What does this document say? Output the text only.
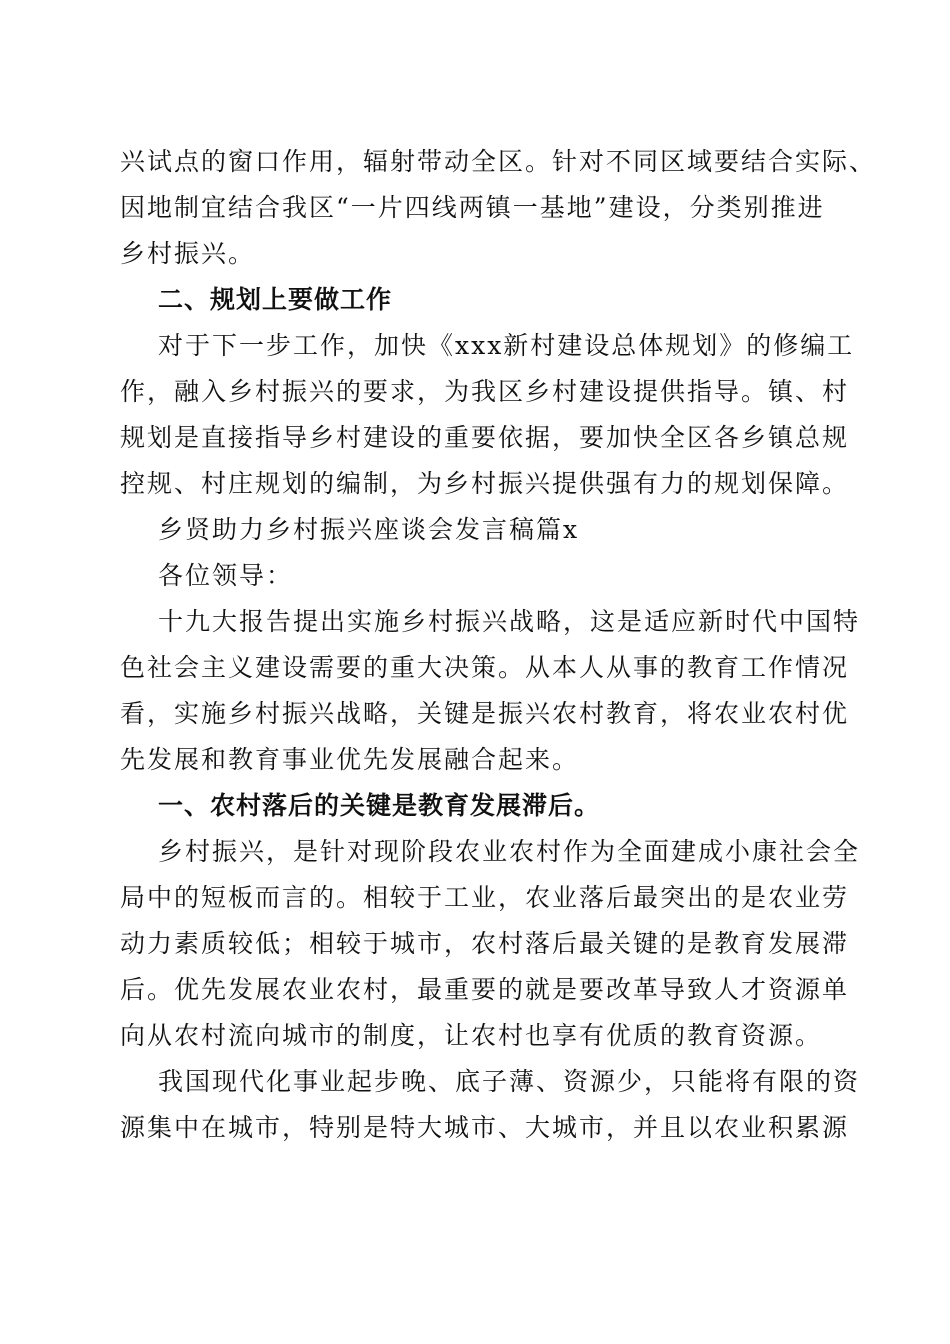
兴试点的窗口作用，辐射带动全区。针对不同区域要结合实际、
因地制宜结合我区“一片四线两镇一基地”建设，分类别推进
乡村振兴。
二、规划上要做工作
对于下一步工作，加快《xxx新村建设总体规划》的修编工
作，融入乡村振兴的要求，为我区乡村建设提供指导。镇、村
规划是直接指导乡村建设的重要依据，要加快全区各乡镇总规
控规、村庄规划的编制，为乡村振兴提供强有力的规划保障。
乡贤助力乡村振兴座谈会发言稿篇x
各位领导：
十九大报告提出实施乡村振兴战略，这是适应新时代中国特
色社会主义建设需要的重大决策。从本人从事的教育工作情况
看，实施乡村振兴战略，关键是振兴农村教育，将农业农村优
先发展和教育事业优先发展融合起来。
一、农村落后的关键是教育发展滞后。
乡村振兴，是针对现阶段农业农村作为全面建成小康社会全
局中的短板而言的。相较于工业，农业落后最突出的是农业劳
动力素质较低；相较于城市，农村落后最关键的是教育发展滞
后。优先发展农业农村，最重要的就是要改革导致人才资源单
向从农村流向城市的制度，让农村也享有优质的教育资源。
我国现代化事业起步晚、底子薄、资源少，只能将有限的资
源集中在城市，特别是特大城市、大城市，并且以农业积累源
